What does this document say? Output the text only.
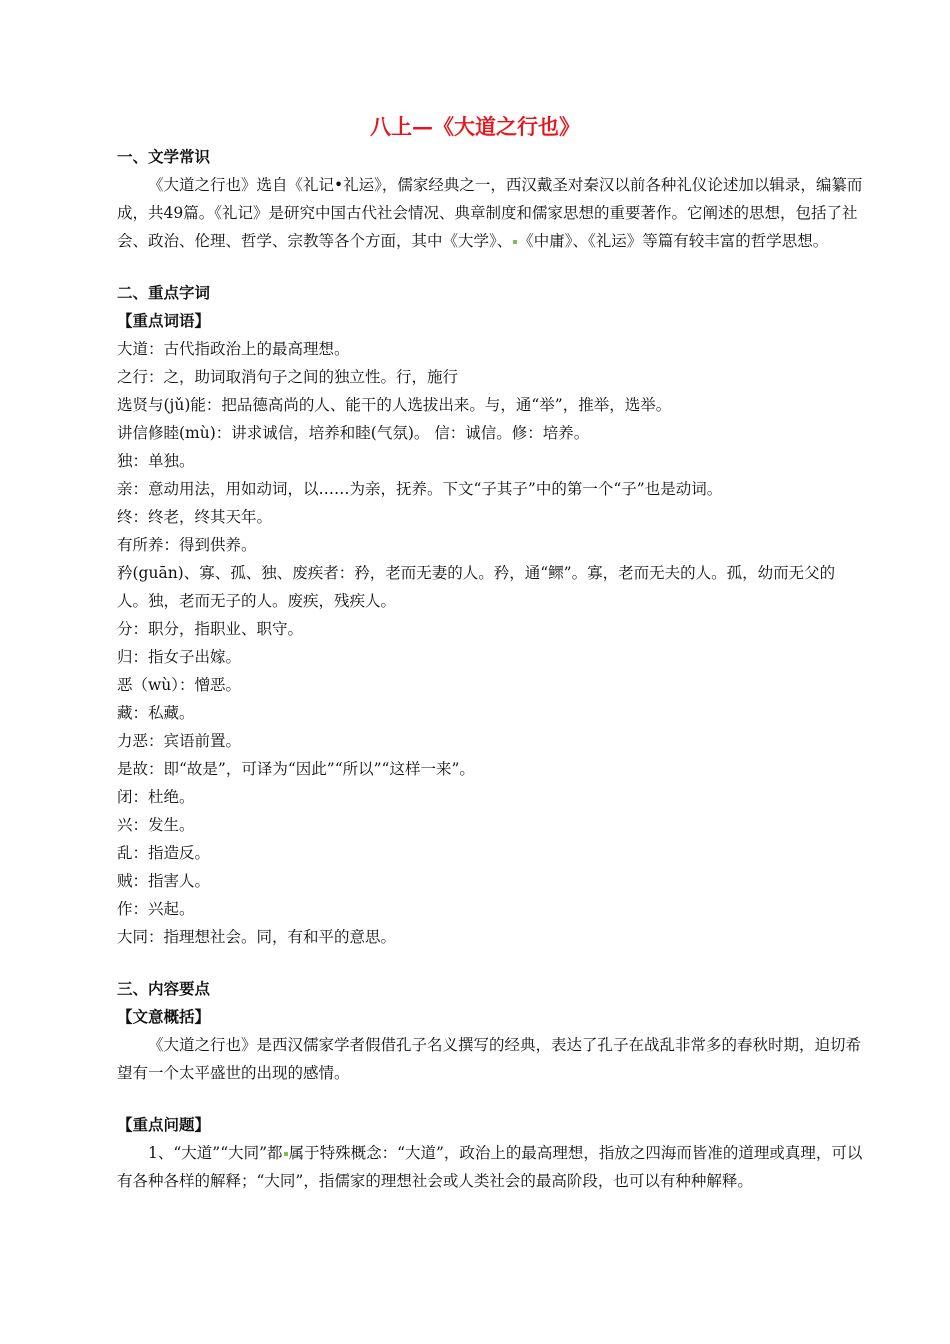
八上—《大道之行也》

一、文学常识

《大道之行也》选自《礼记•礼运》，儒家经典之一，西汉戴圣对秦汉以前各种礼仪论述加以辑录，编纂而成，共49篇。《礼记》是研究中国古代社会情况、典章制度和儒家思想的重要著作。它阐述的思想，包括了社会、政治、伦理、哲学、宗教等各个方面，其中《大学》、 《中庸》、《礼运》等篇有较丰富的哲学思想。

二、重点字词

【重点词语】

大道：古代指政治上的最高理想。

之行：之，助词取消句子之间的独立性。行，施行

选贤与(jǔ)能：把品德高尚的人、能干的人选拔出来。与，通“举”，推举，选举。

讲信修睦(mù)：讲求诚信，培养和睦(气氛)。 信：诚信。修：培养。

独：单独。

亲：意动用法，用如动词，以……为亲，抚养。下文“子其子”中的第一个“子”也是动词。

终：终老，终其天年。

有所养：得到供养。

矜(guān)、寡、孤、独、废疾者：矜，老而无妻的人。矜，通“鳏”。寡，老而无夫的人。孤，幼而无父的人。独，老而无子的人。废疾，残疾人。

分：职分，指职业、职守。

归：指女子出嫁。

恶（wù）：憎恶。

藏：私藏。

力恶：宾语前置。

是故：即“故是”，可译为“因此”“所以”“这样一来”。

闭：杜绝。

兴：发生。

乱：指造反。

贼：指害人。

作：兴起。

大同：指理想社会。同，有和平的意思。

三、内容要点

【文意概括】

《大道之行也》是西汉儒家学者假借孔子名义撰写的经典，表达了孔子在战乱非常多的春秋时期，迫切希望有一个太平盛世的出现的感情。

【重点问题】

1、“大道”“大同”都 属于特殊概念：“大道”，政治上的最高理想，指放之四海而皆准的道理或真理，可以有各种各样的解释；“大同”，指儒家的理想社会或人类社会的最高阶段，也可以有种种解释。
